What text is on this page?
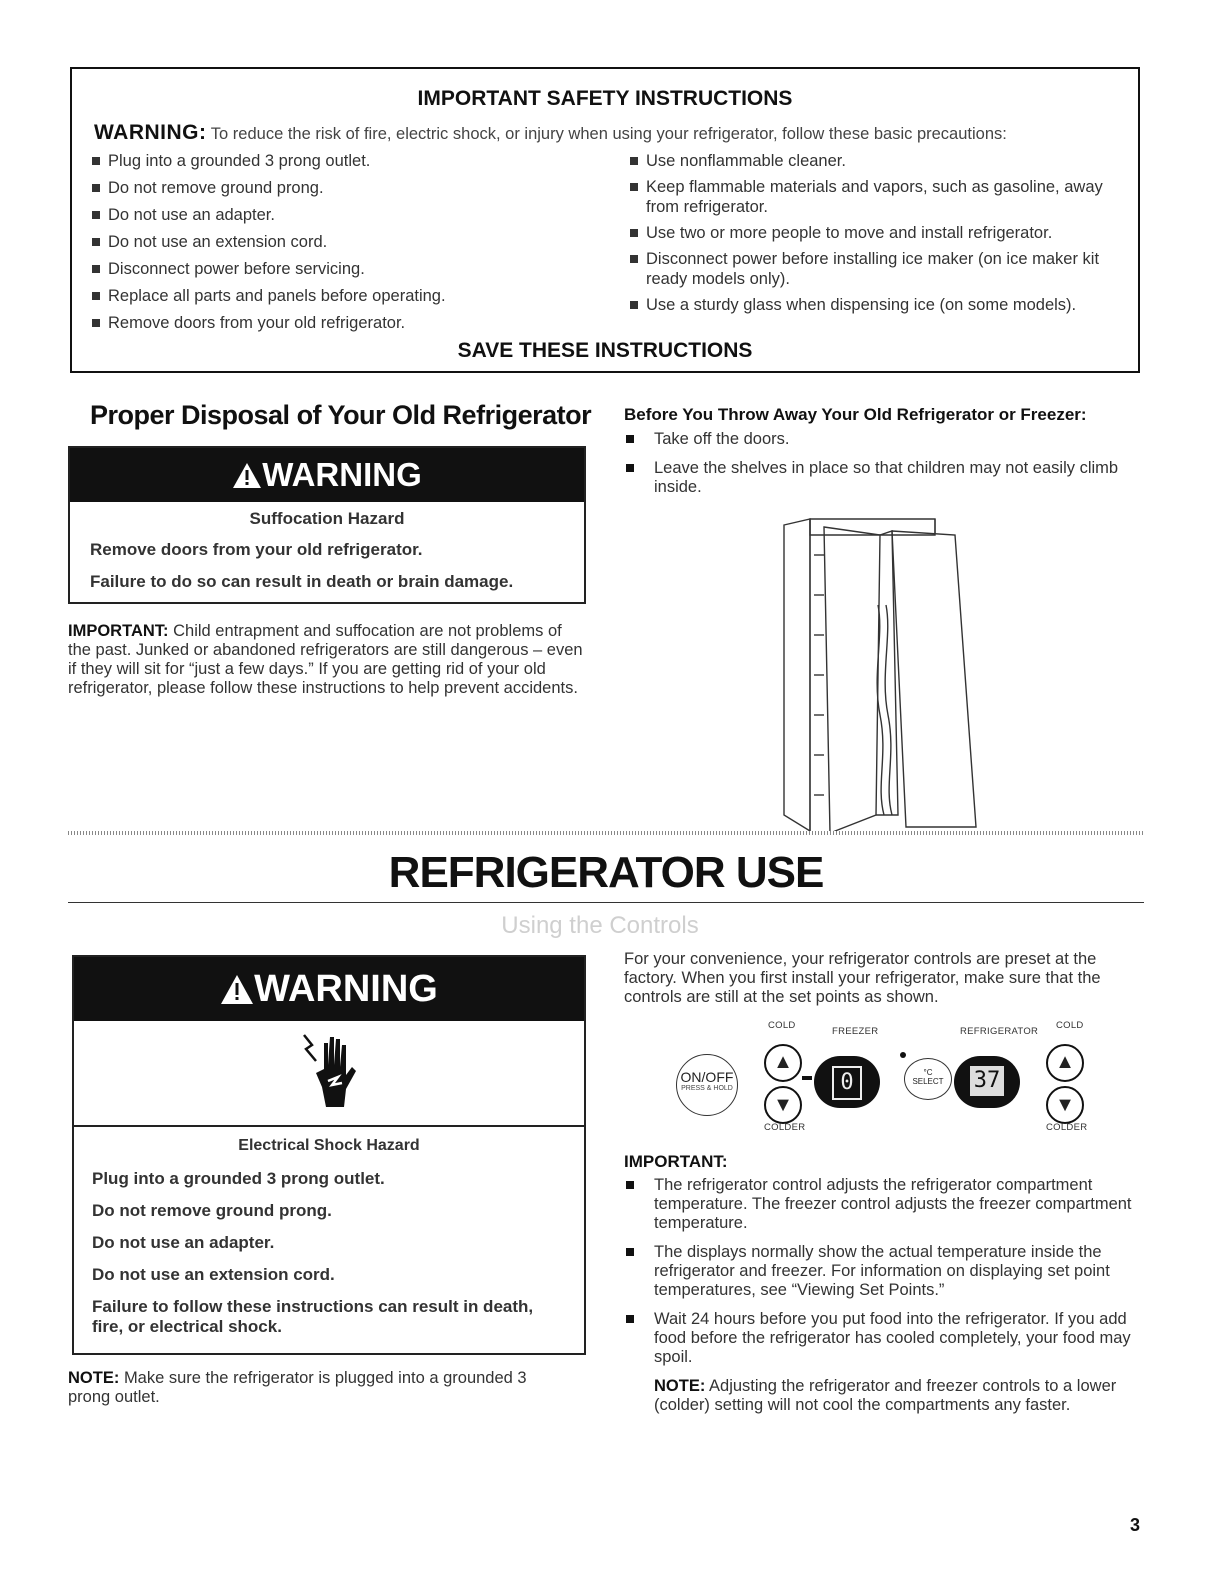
IMPORTANT SAFETY INSTRUCTIONS
WARNING: To reduce the risk of fire, electric shock, or injury when using your refrigerator, follow these basic precautions:
Plug into a grounded 3 prong outlet.
Do not remove ground prong.
Do not use an adapter.
Do not use an extension cord.
Disconnect power before servicing.
Replace all parts and panels before operating.
Remove doors from your old refrigerator.
Use nonflammable cleaner.
Keep flammable materials and vapors, such as gasoline, away from refrigerator.
Use two or more people to move and install refrigerator.
Disconnect power before installing ice maker (on ice maker kit ready models only).
Use a sturdy glass when dispensing ice (on some models).
SAVE THESE INSTRUCTIONS
Proper Disposal of Your Old Refrigerator
WARNING
Suffocation Hazard
Remove doors from your old refrigerator.
Failure to do so can result in death or brain damage.
IMPORTANT: Child entrapment and suffocation are not problems of the past. Junked or abandoned refrigerators are still dangerous – even if they will sit for “just a few days.” If you are getting rid of your old refrigerator, please follow these instructions to help prevent accidents.
Before You Throw Away Your Old Refrigerator or Freezer:
Take off the doors.
Leave the shelves in place so that children may not easily climb inside.
REFRIGERATOR USE
Using the Controls
WARNING
Electrical Shock Hazard
Plug into a grounded 3 prong outlet.
Do not remove ground prong.
Do not use an adapter.
Do not use an extension cord.
Failure to follow these instructions can result in death, fire, or electrical shock.
NOTE: Make sure the refrigerator is plugged into a grounded 3 prong outlet.
For your convenience, your refrigerator controls are preset at the factory. When you first install your refrigerator, make sure that the controls are still at the set points as shown.
COLD
FREEZER	REFRIGERATOR
COLD
ON/OFF
PRESS & HOLD
▲
▼
0	°C
SELECT	37
▲
▼
COLDER	COLDER
IMPORTANT:
The refrigerator control adjusts the refrigerator compartment temperature. The freezer control adjusts the freezer compartment temperature.
The displays normally show the actual temperature inside the refrigerator and freezer. For information on displaying set point temperatures, see “Viewing Set Points.”
Wait 24 hours before you put food into the refrigerator. If you add food before the refrigerator has cooled completely, your food may spoil.
NOTE: Adjusting the refrigerator and freezer controls to a lower (colder) setting will not cool the compartments any faster.
3
